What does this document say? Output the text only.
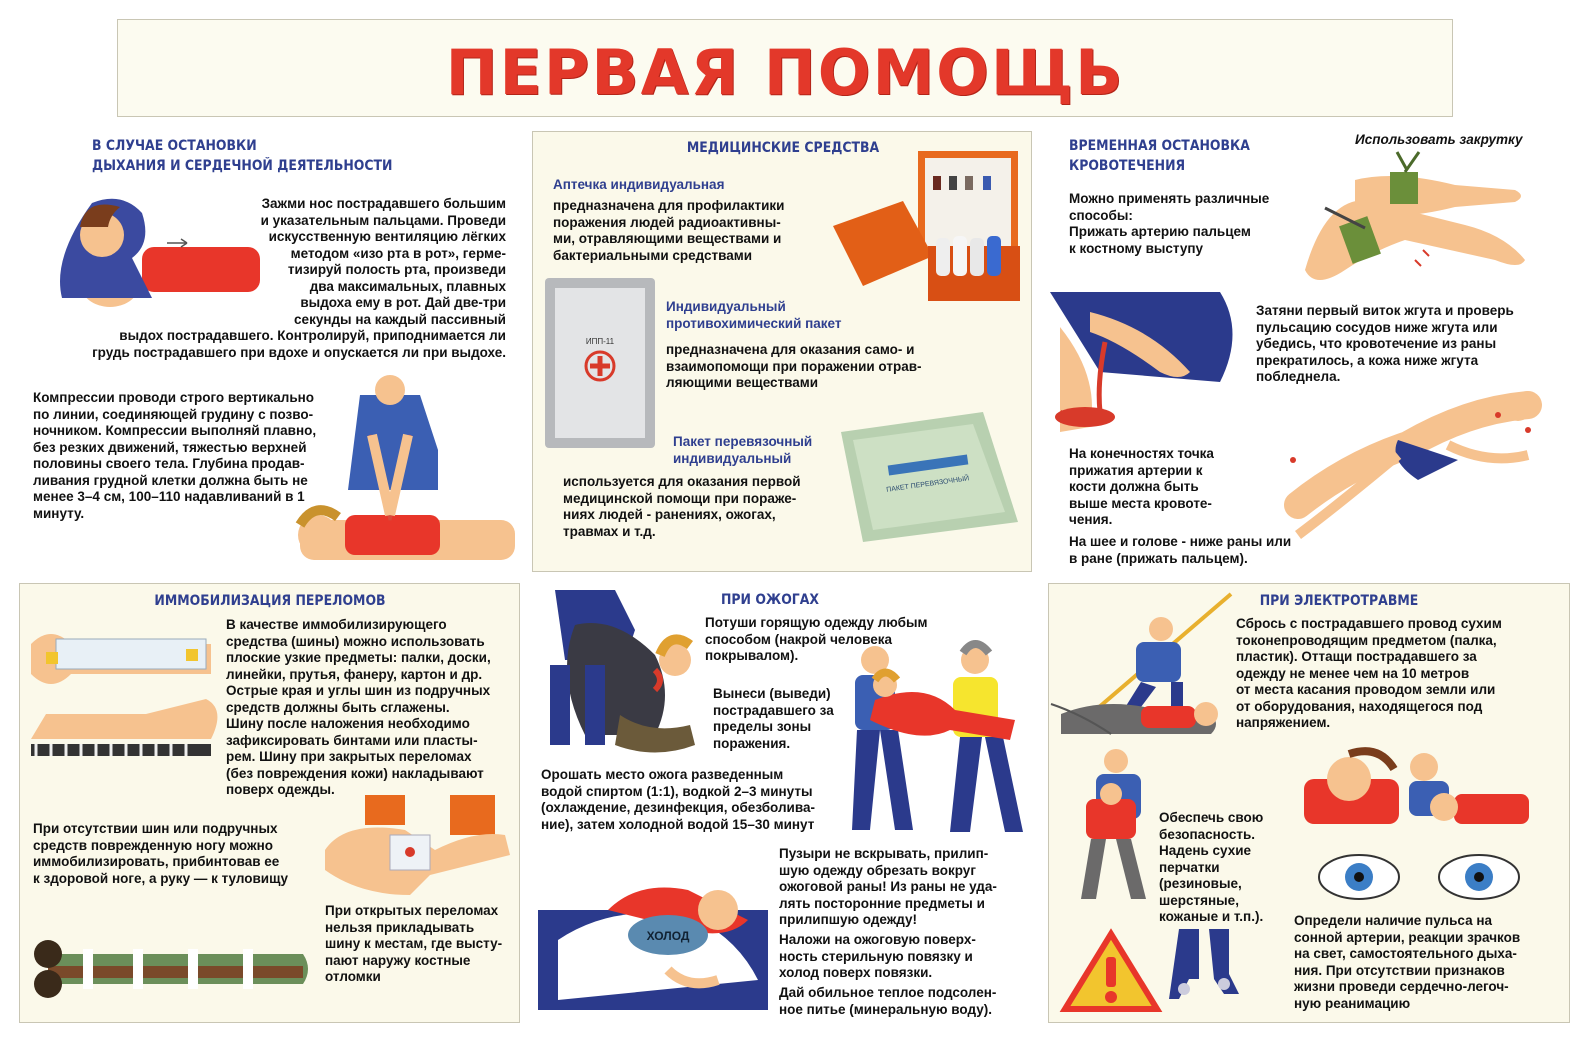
ПЕРВАЯ ПОМОЩЬ
В СЛУЧАЕ ОСТАНОВКИ
ДЫХАНИЯ И СЕРДЕЧНОЙ ДЕЯТЕЛЬНОСТИ
Зажми нос пострадавшего большим
и указательным пальцами. Проведи
искусственную вентиляцию лёгких
методом «изо рта в рот», герме-
тизируй полость рта, произведи
два максимальных, плавных
выдоха ему в рот. Дай две-три
секунды на каждый пассивный
выдох пострадавшего. Контролируй, приподнимается ли
грудь пострадавшего при вдохе и опускается ли при выдохе.
Компрессии проводи строго вертикально
по линии, соединяющей грудину с позво-
ночником. Компрессии выполняй плавно,
без резких движений, тяжестью верхней
половины своего тела. Глубина продав-
ливания грудной клетки должна быть не
менее 3–4 см, 100–110 надавливаний в 1
минуту.
МЕДИЦИНСКИЕ СРЕДСТВА
Аптечка индивидуальная
предназначена для профилактики
поражения людей радиоактивны-
ми, отравляющими веществами и
бактериальными средствами
Индивидуальный
противохимический пакет
предназначена для оказания само- и
взаимопомощи при поражении отрав-
ляющими веществами
Пакет перевязочный
индивидуальный
используется для оказания первой
медицинской помощи при пораже-
ниях людей - ранениях, ожогах,
травмах и т.д.
ИПП-11
ПАКЕТ ПЕРЕВЯЗОЧНЫЙ
ВРЕМЕННАЯ ОСТАНОВКА
КРОВОТЕЧЕНИЯ
Использовать закрутку
Можно применять различные
способы:
Прижать артерию пальцем
к костному выступу
Затяни первый виток жгута и проверь
пульсацию сосудов ниже жгута или
убедись, что кровотечение из раны
прекратилось, а кожа ниже жгута
побледнела.
На конечностях точка
прижатия артерии к
кости должна быть
выше места кровоте-
чения.
На шее и голове - ниже раны или
в ране (прижать пальцем).
ИММОБИЛИЗАЦИЯ ПЕРЕЛОМОВ
В качестве иммобилизирующего
средства (шины) можно использовать
плоские узкие предметы: палки, доски,
линейки, прутья, фанеру, картон и др.
Острые края и углы шин из подручных
средств должны быть сглажены.
Шину после наложения необходимо
зафиксировать бинтами или пласты-
рем. Шину при закрытых переломах
(без повреждения кожи) накладывают
поверх одежды.
При отсутствии шин или подручных
средств поврежденную ногу можно
иммобилизировать, прибинтовав ее
к здоровой ноге, а руку — к туловищу
При открытых переломах
нельзя прикладывать
шину к местам, где высту-
пают наружу костные
отломки
ПРИ ОЖОГАХ
Потуши горящую одежду любым
способом (накрой человека
покрывалом).
Вынеси (выведи)
пострадавшего за
пределы зоны
поражения.
Орошать место ожога разведенным
водой спиртом (1:1), водкой 2–3 минуты
(охлаждение, дезинфекция, обезболива-
ние), затем холодной водой 15–30 минут
Пузыри не вскрывать, прилип-
шую одежду обрезать вокруг
ожоговой раны! Из раны не уда-
лять посторонние предметы и
прилипшую одежду!
Наложи на ожоговую поверх-
ность стерильную повязку и
холод поверх повязки.
Дай обильное теплое подсолен-
ное питье (минеральную воду).
ХОЛОД
ПРИ ЭЛЕКТРОТРАВМЕ
Сбрось с пострадавшего провод сухим
токонепроводящим предметом (палка,
пластик). Оттащи пострадавшего за
одежду не менее чем на 10 метров
от места касания проводом земли или
от оборудования, находящегося под
напряжением.
Обеспечь свою
безопасность.
Надень сухие
перчатки
(резиновые,
шерстяные,
кожаные и т.п.).	Определи наличие пульса на
сонной артерии, реакции зрачков
на свет, самостоятельного дыха-
ния. При отсутствии признаков
жизни проведи сердечно-легоч-
ную реанимацию
